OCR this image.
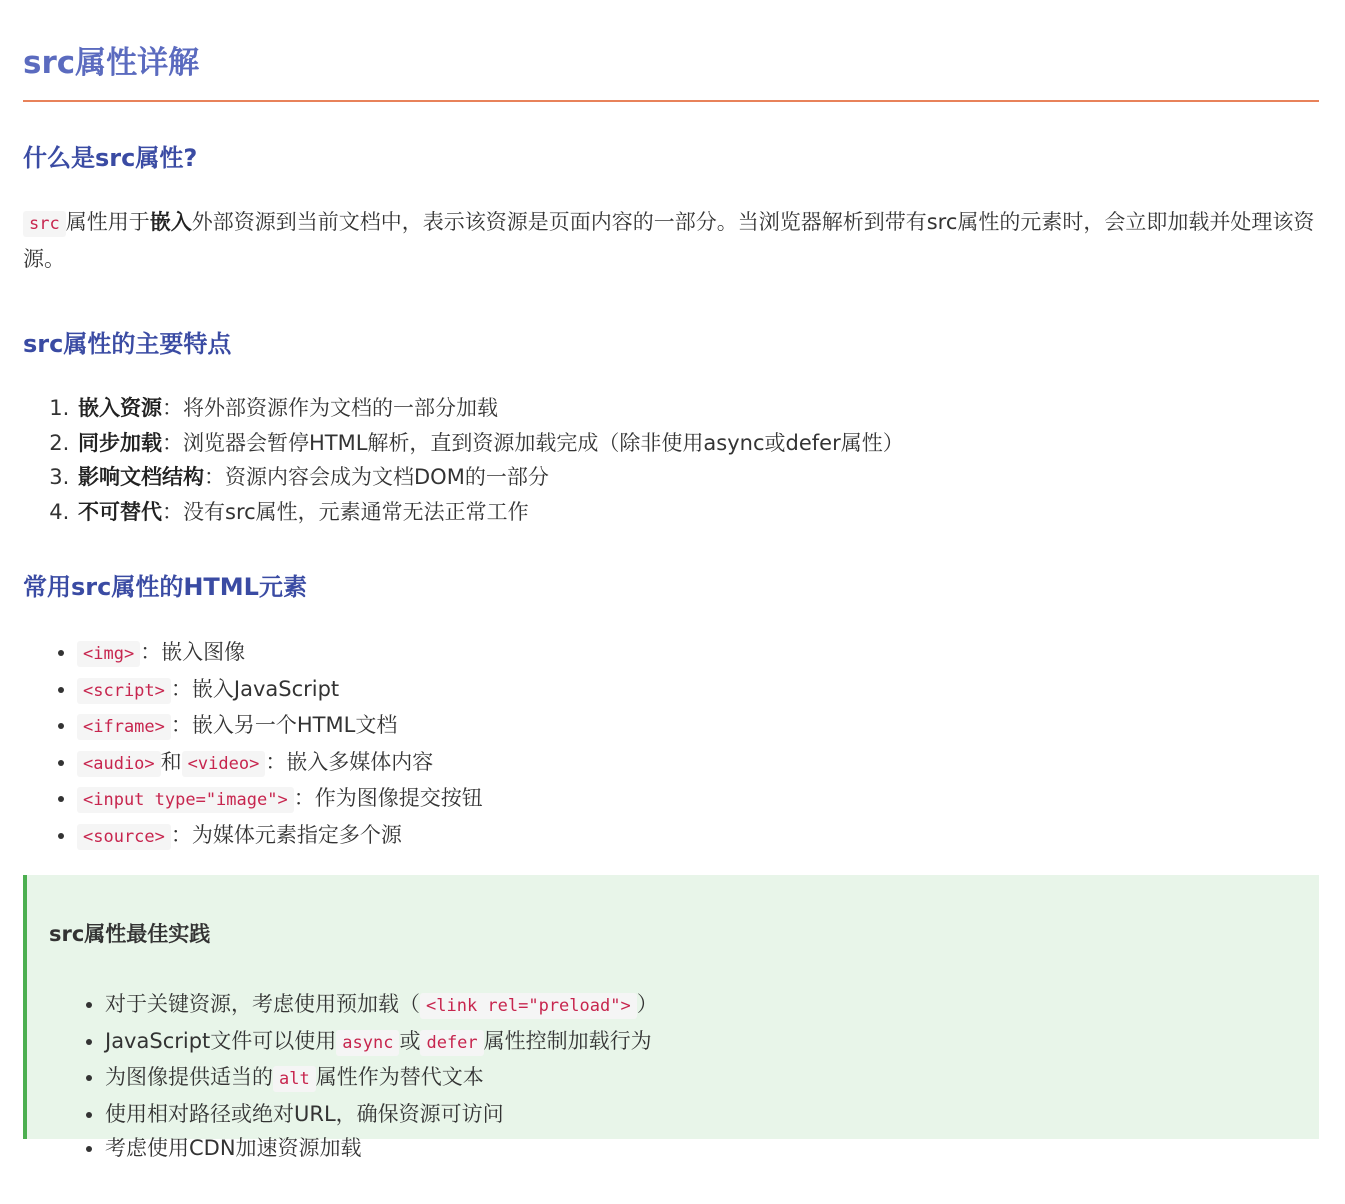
src属性详解
什么是src属性?

src 属性用于嵌入外部资源到当前文档中，表示该资源是页面内容的一部分。当浏览器解析到带有src属性的元素时，会立即加载并处理该资源。

src属性的主要特点
1. 嵌入资源：将外部资源作为文档的一部分加载
2. 同步加载：浏览器会暂停HTML解析，直到资源加载完成（除非使用async或defer属性）
3. 影响文档结构：资源内容会成为文档DOM的一部分
4. 不可替代：没有src属性，元素通常无法正常工作
常用src属性的HTML元素
• <img> ：嵌入图像
• <script> ：嵌入JavaScript
• <iframe> ：嵌入另一个HTML文档
• <audio> 和 <video> ：嵌入多媒体内容
• <input type="image"> ：作为图像提交按钮
• <source> ：为媒体元素指定多个源
src属性最佳实践
• 对于关键资源，考虑使用预加载（ <link rel="preload"> ）
• JavaScript文件可以使用 async 或 defer 属性控制加载行为
• 为图像提供适当的 alt 属性作为替代文本
• 使用相对路径或绝对URL，确保资源可访问
• 考虑使用CDN加速资源加载
